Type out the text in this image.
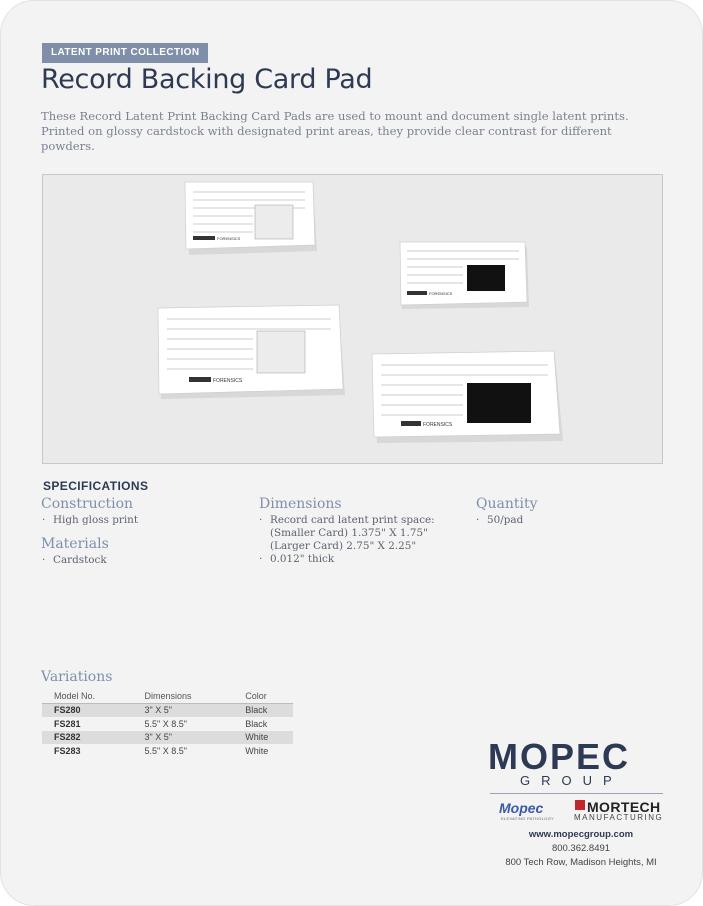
LATENT PRINT COLLECTION
Record Backing Card Pad
These Record Latent Print Backing Card Pads are used to mount and document single latent prints. Printed on glossy cardstock with designated print areas, they provide clear contrast for different powders.
FORENSICS
FORENSICS
FORENSICS
FORENSICS
SPECIFICATIONS
Construction
· High gloss print
Materials
· Cardstock
Dimensions
· Record card latent print space:
(Smaller Card) 1.375" X 1.75"
(Larger Card) 2.75" X 2.25"
· 0.012" thick
Quantity
· 50/pad
Variations
Model No.	Dimensions	Color
FS280	3" X 5"	Black
FS281	5.5" X 8.5"	Black
FS282	3" X 5"	White
FS283	5.5" X 8.5"	White	MOPEC
GROUP
Mopec
ELEVATING PATHOLOGY
MORTECH
MANUFACTURING
www.mopecgroup.com
800.362.8491
800 Tech Row, Madison Heights, MI
